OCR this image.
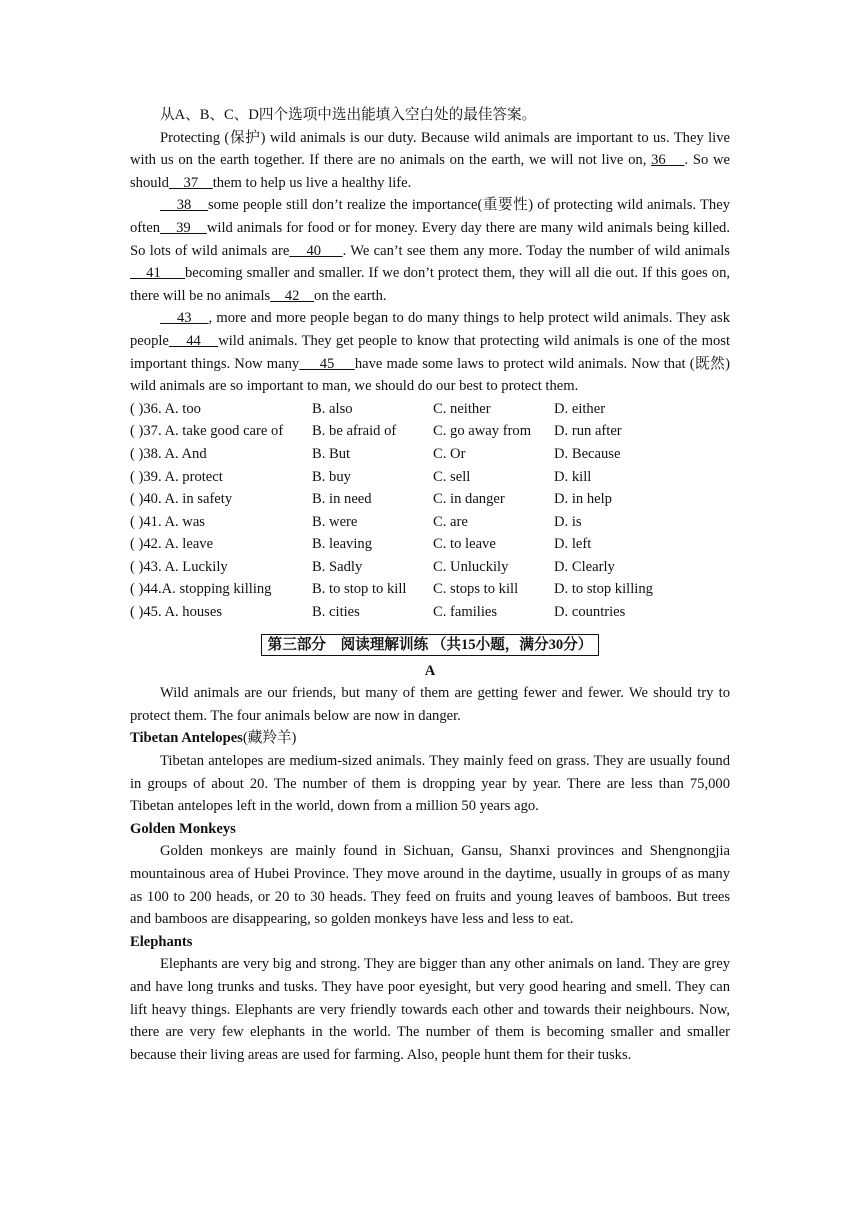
从A、B、C、D四个选项中选出能填入空白处的最佳答案。

Protecting (保护) wild animals is our duty. Because wild animals are important to us. They live with us on the earth together. If there are no animals on the earth, we will not live on, 36    . So we should    37    them to help us live a healthy life.

38    some people still don’t realize the importance(重要性) of protecting wild animals. They often    39    wild animals for food or for money. Every day there are many wild animals being killed. So lots of wild animals are    40     . We can’t see them any more. Today the number of wild animals    41      becoming smaller and smaller. If we don’t protect them, they will all die out. If this goes on, there will be no animals    42    on the earth.

43    , more and more people began to do many things to help protect wild animals. They ask people    44    wild animals. They get people to know that protecting wild animals is one of the most important things. Now many     45     have made some laws to protect wild animals. Now that (既然) wild animals are so important to man, we should do our best to protect them.

( )36. A. too	B. also	C. neither	D. either
( )37. A. take good care of	B. be afraid of	C. go away from	D. run after
( )38. A. And	B. But	C. Or	D. Because
( )39. A. protect	B. buy	C. sell	D. kill
( )40. A. in safety	B. in need	C. in danger	D. in help
( )41. A. was	B. were	C. are	D. is
( )42. A. leave	B. leaving	C. to leave	D. left
( )43. A. Luckily	B. Sadly	C. Unluckily	D. Clearly
( )44.A. stopping killing	B. to stop to kill	C. stops to kill	D. to stop killing
( )45. A. houses	B. cities	C. families	D. countries
第三部分　阅读理解训练 （共15小题，满分30分）

A

Wild animals are our friends, but many of them are getting fewer and fewer. We should try to protect them. The four animals below are now in danger.

Tibetan Antelopes(藏羚羊)

Tibetan antelopes are medium-sized animals. They mainly feed on grass. They are usually found in groups of about 20. The number of them is dropping year by year. There are less than 75,000 Tibetan antelopes left in the world, down from a million 50 years ago.

Golden Monkeys

Golden monkeys are mainly found in Sichuan, Gansu, Shanxi provinces and Shengnongjia mountainous area of Hubei Province. They move around in the daytime, usually in groups of as many as 100 to 200 heads, or 20 to 30 heads. They feed on fruits and young leaves of bamboos. But trees and bamboos are disappearing, so golden monkeys have less and less to eat.

Elephants

Elephants are very big and strong. They are bigger than any other animals on land. They are grey and have long trunks and tusks. They have poor eyesight, but very good hearing and smell. They can lift heavy things. Elephants are very friendly towards each other and towards their neighbours. Now, there are very few elephants in the world. The number of them is becoming smaller and smaller because their living areas are used for farming. Also, people hunt them for their tusks.
